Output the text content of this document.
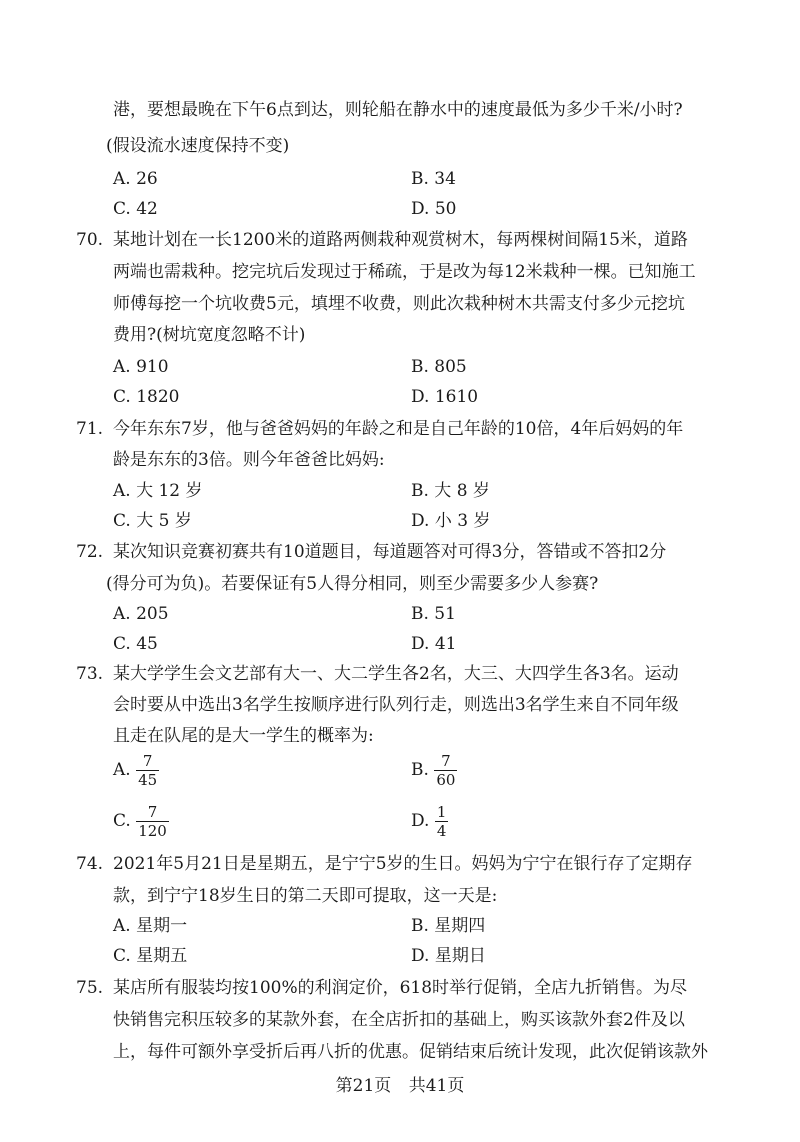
港，要想最晚在下午6点到达，则轮船在静水中的速度最低为多少千米/小时?
(假设流水速度保持不变)
A. 26	B. 34
C. 42	D. 50
70. 某地计划在一长1200米的道路两侧栽种观赏树木，每两棵树间隔15米，道路
两端也需栽种。挖完坑后发现过于稀疏，于是改为每12米栽种一棵。已知施工
师傅每挖一个坑收费5元，填埋不收费，则此次栽种树木共需支付多少元挖坑
费用?(树坑宽度忽略不计)
A. 910	B. 805
C. 1820	D. 1610
71. 今年东东7岁，他与爸爸妈妈的年龄之和是自己年龄的10倍，4年后妈妈的年
龄是东东的3倍。则今年爸爸比妈妈:
A. 大 12 岁	B. 大 8 岁
C. 大 5 岁	D. 小 3 岁
72. 某次知识竞赛初赛共有10道题目，每道题答对可得3分，答错或不答扣2分
(得分可为负)。若要保证有5人得分相同，则至少需要多少人参赛?
A. 205	B. 51
C. 45	D. 41
73. 某大学学生会文艺部有大一、大二学生各2名，大三、大四学生各3名。运动
会时要从中选出3名学生按顺序进行队列行走，则选出3名学生来自不同年级
且走在队尾的是大一学生的概率为:
A. $\frac{7}{45}$	B. $\frac{7}{60}$
C. $\frac{7}{120}$	D. $\frac{1}{4}$
74. 2021年5月21日是星期五，是宁宁5岁的生日。妈妈为宁宁在银行存了定期存
款，到宁宁18岁生日的第二天即可提取，这一天是:
A. 星期一	B. 星期四
C. 星期五	D. 星期日
75. 某店所有服装均按100%的利润定价，618时举行促销，全店九折销售。为尽
快销售完积压较多的某款外套，在全店折扣的基础上，购买该款外套2件及以
上，每件可额外享受折后再八折的优惠。促销结束后统计发现，此次促销该款外
第21页 共41页
